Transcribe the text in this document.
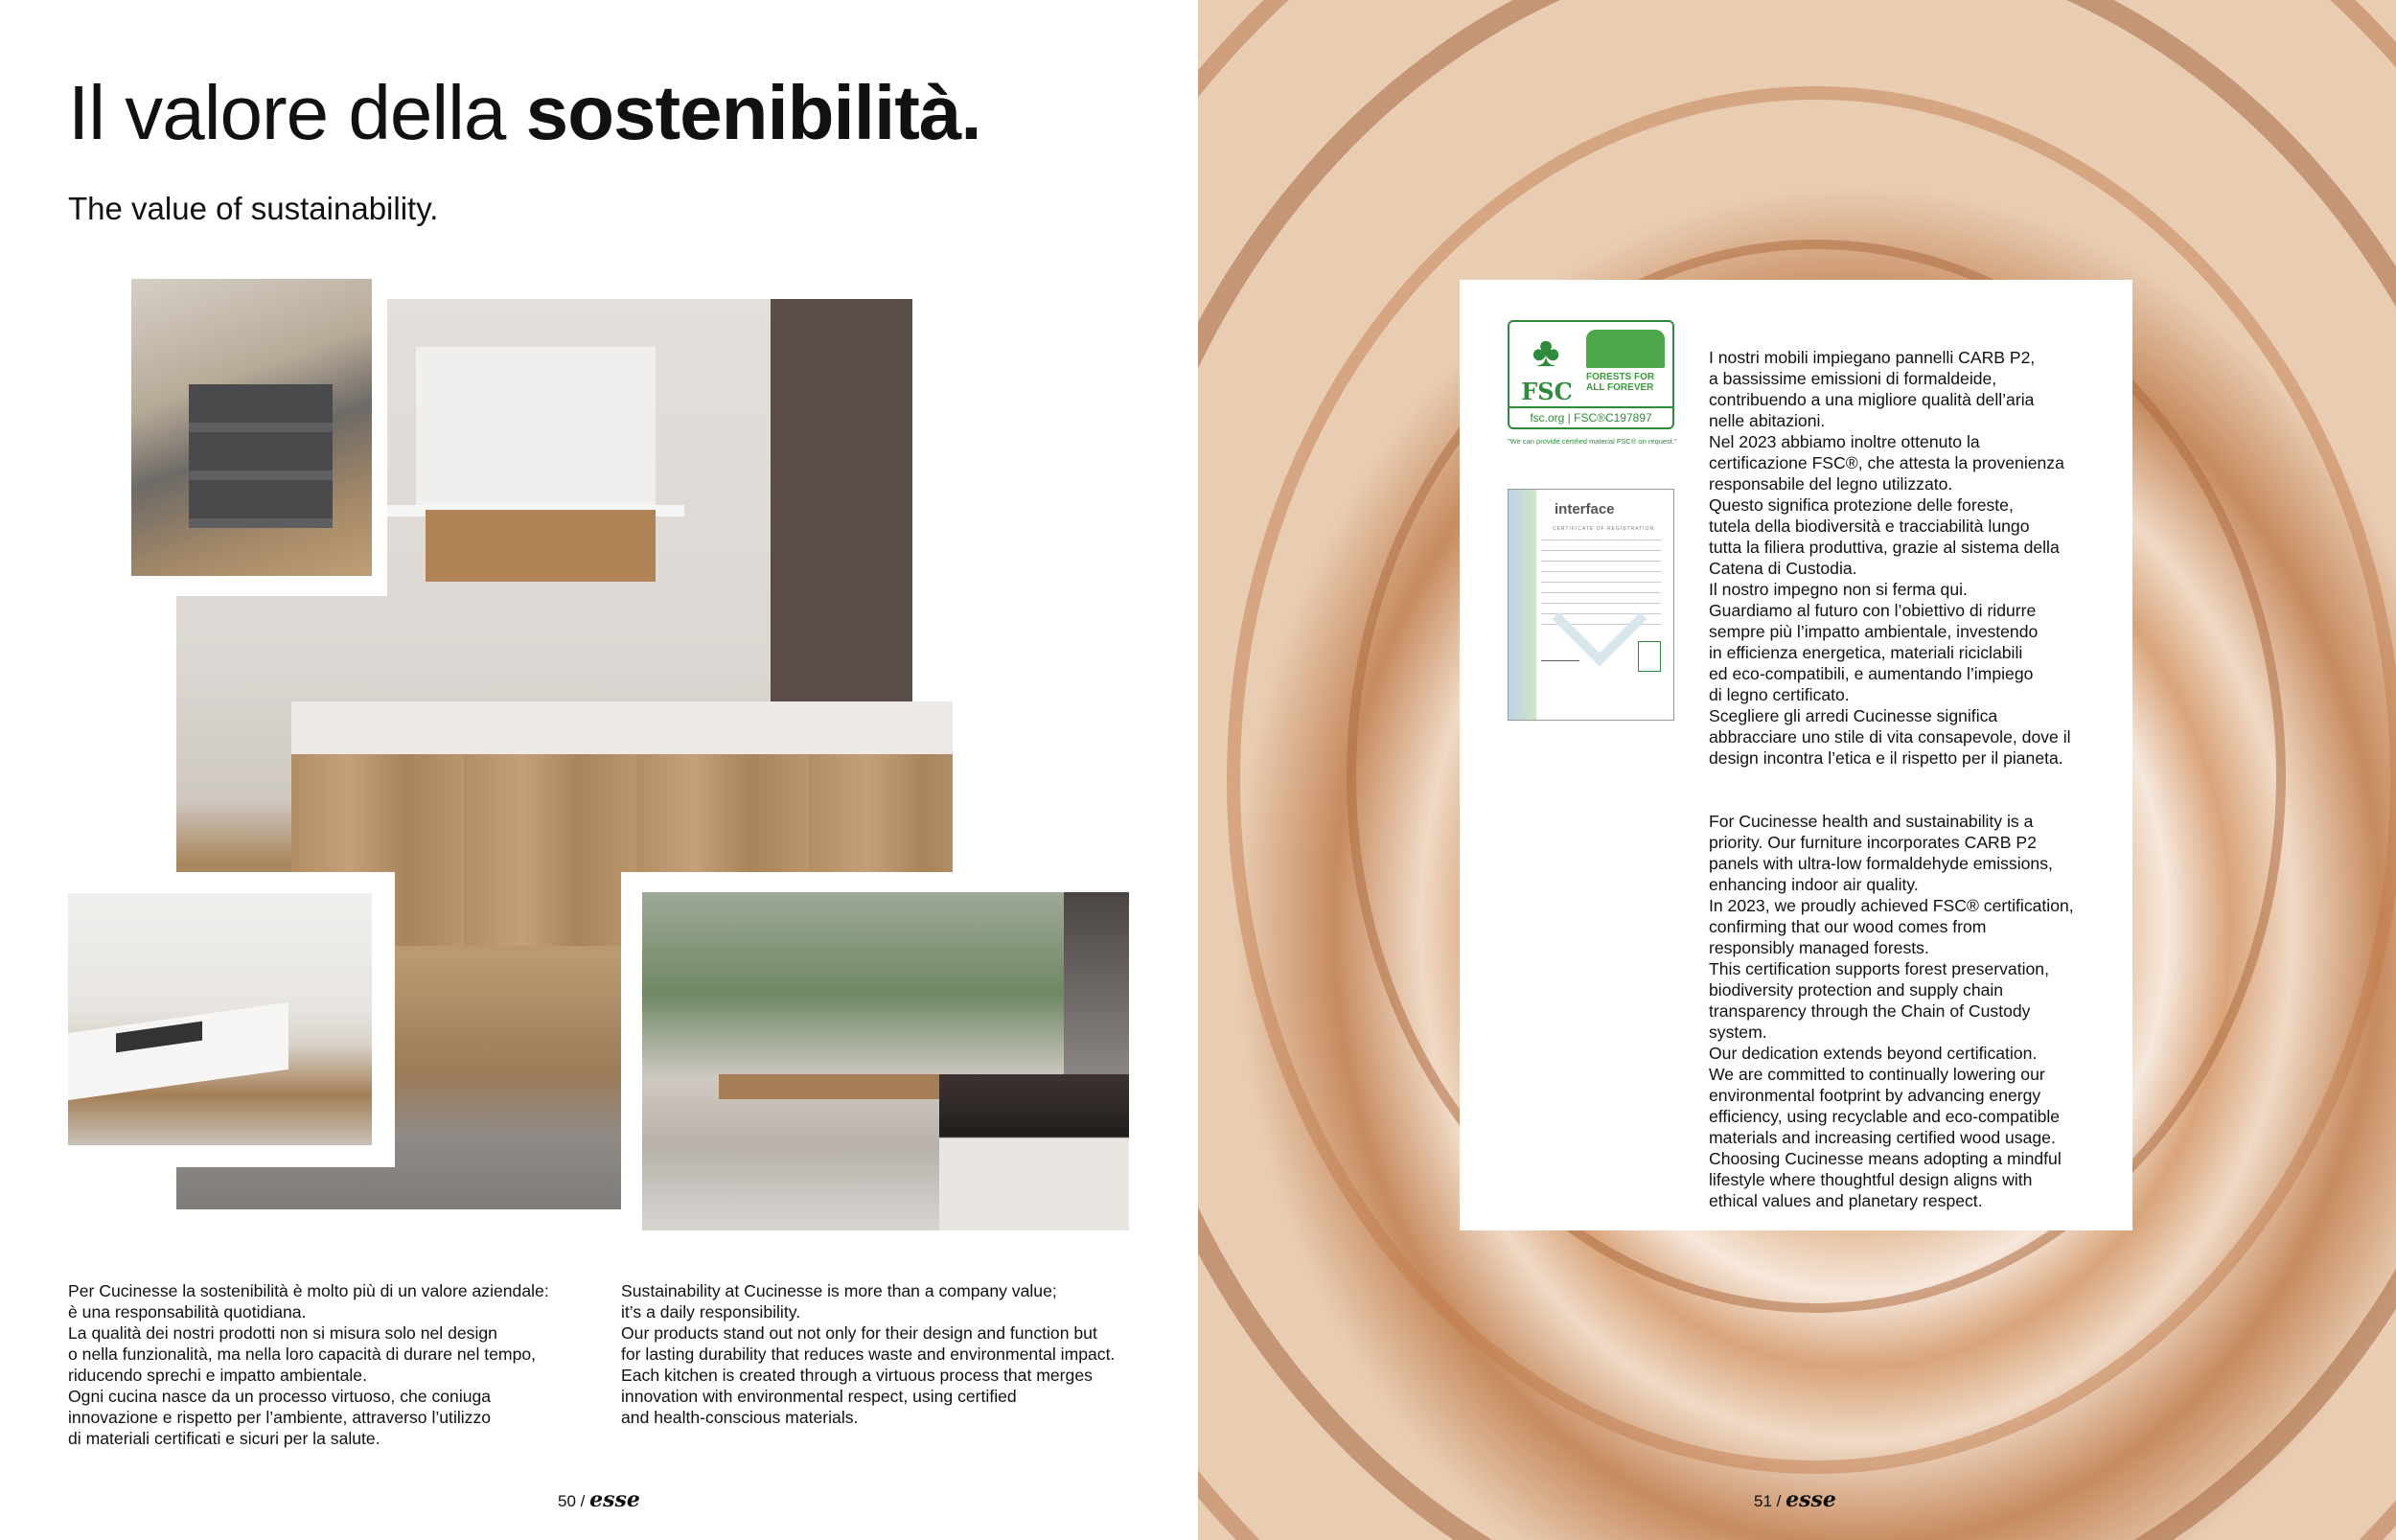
Il valore della sostenibilità.
The value of sustainability.
Per Cucinesse la sostenibilità è molto più di un valore aziendale:
è una responsabilità quotidiana.
La qualità dei nostri prodotti non si misura solo nel design
o nella funzionalità, ma nella loro capacità di durare nel tempo,
riducendo sprechi e impatto ambientale.
Ogni cucina nasce da un processo virtuoso, che coniuga
innovazione e rispetto per l’ambiente, attraverso l’utilizzo
di materiali certificati e sicuri per la salute.
Sustainability at Cucinesse is more than a company value;
it’s a daily responsibility.
Our products stand out not only for their design and function but
for lasting durability that reduces waste and environmental impact.
Each kitchen is created through a virtuous process that merges
innovation with environmental respect, using certified
and health-conscious materials.
50 / esse	51 / esse
♣
FSC
FORESTS FOR ALL FOREVER
fsc.org | FSC®C197897
"We can provide certified material FSC® on request."
interface
CERTIFICATE OF REGISTRATION

I nostri mobili impiegano pannelli CARB P2,
a bassissime emissioni di formaldeide,
contribuendo a una migliore qualità dell’aria
nelle abitazioni.
Nel 2023 abbiamo inoltre ottenuto la
certificazione FSC®, che attesta la provenienza
responsabile del legno utilizzato.
Questo significa protezione delle foreste,
tutela della biodiversità e tracciabilità lungo
tutta la filiera produttiva, grazie al sistema della
Catena di Custodia.
Il nostro impegno non si ferma qui.
Guardiamo al futuro con l’obiettivo di ridurre
sempre più l’impatto ambientale, investendo
in efficienza energetica, materiali riciclabili
ed eco-compatibili, e aumentando l’impiego
di legno certificato.
Scegliere gli arredi Cucinesse significa
abbracciare uno stile di vita consapevole, dove il
design incontra l’etica e il rispetto per il pianeta.

For Cucinesse health and sustainability is a
priority. Our furniture incorporates CARB P2
panels with ultra-low formaldehyde emissions,
enhancing indoor air quality.
In 2023, we proudly achieved FSC® certification,
confirming that our wood comes from
responsibly managed forests.
This certification supports forest preservation,
biodiversity protection and supply chain
transparency through the Chain of Custody
system.
Our dedication extends beyond certification.
We are committed to continually lowering our
environmental footprint by advancing energy
efficiency, using recyclable and eco-compatible
materials and increasing certified wood usage.
Choosing Cucinesse means adopting a mindful
lifestyle where thoughtful design aligns with
ethical values and planetary respect.
